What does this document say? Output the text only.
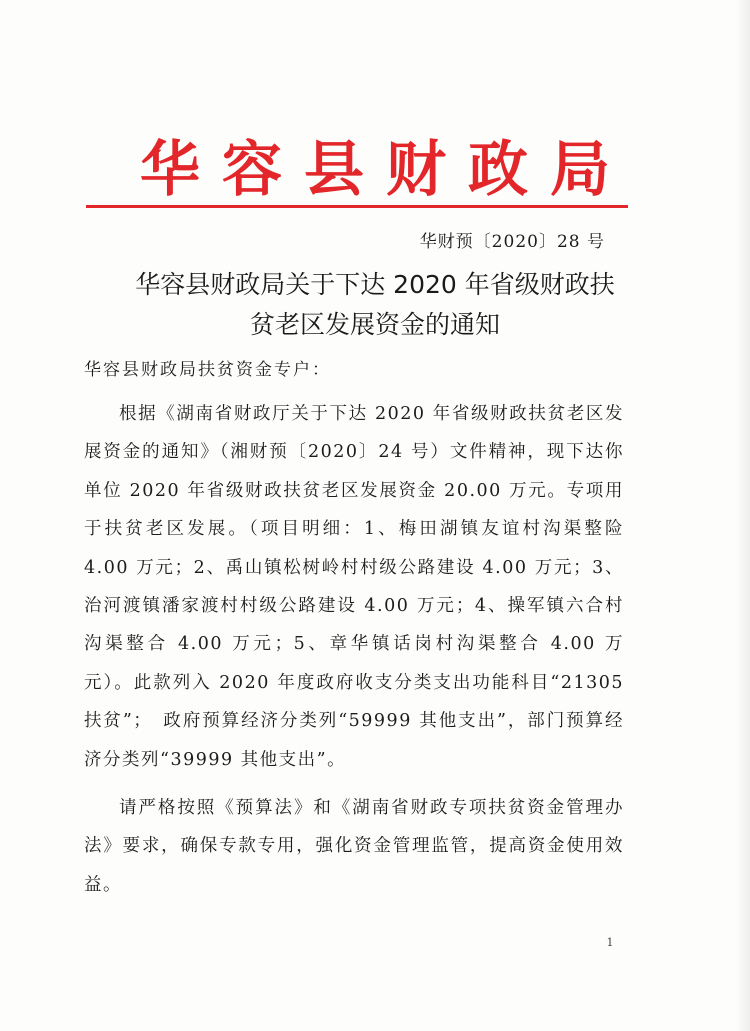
华容县财政局
华财预〔2020〕28 号
华容县财政局关于下达 2020 年省级财政扶
贫老区发展资金的通知
华容县财政局扶贫资金专户：

根据《湖南省财政厅关于下达 2020 年省级财政扶贫老区发展资金的通知》（湘财预〔2020〕24 号）文件精神，现下达你单位 2020 年省级财政扶贫老区发展资金 20.00 万元。专项用于扶贫老区发展。（项目明细：1、梅田湖镇友谊村沟渠整险 4.00 万元；2、禹山镇松树岭村村级公路建设 4.00 万元；3、治河渡镇潘家渡村村级公路建设 4.00 万元；4、操军镇六合村沟渠整合 4.00 万元；5、章华镇话岗村沟渠整合 4.00 万元）。此款列入 2020 年度政府收支分类支出功能科目“21305 扶贫”；　政府预算经济分类列“59999 其他支出”，部门预算经济分类列“39999 其他支出”。

请严格按照《预算法》和《湖南省财政专项扶贫资金管理办法》要求，确保专款专用，强化资金管理监管，提高资金使用效益。

1
